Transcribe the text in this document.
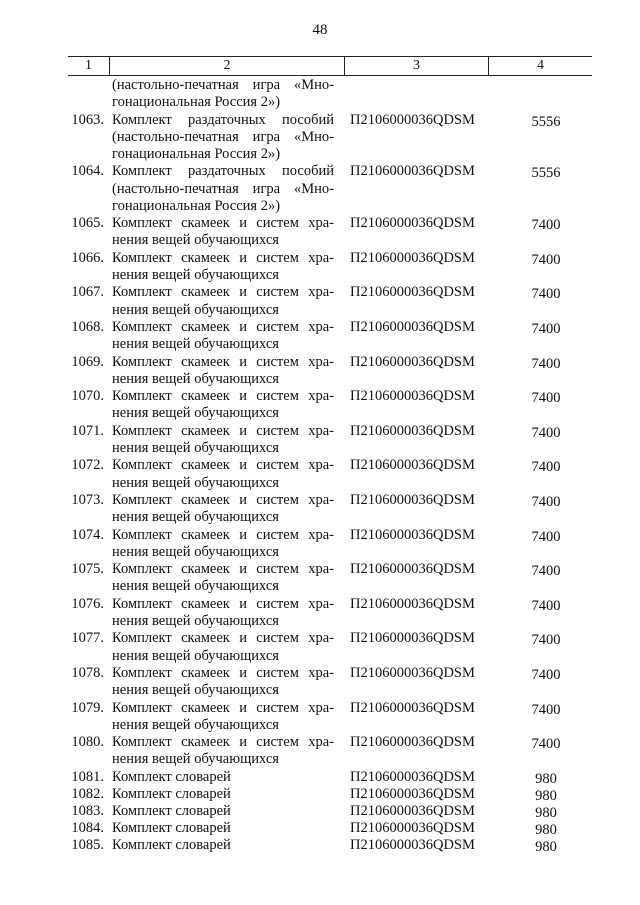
48
1	2	3	4
(настольно-печатная игра «Мно-
гонациональная Россия 2»)
1063. Комплект раздаточных пособий
(настольно-печатная игра «Мно-
гонациональная Россия 2»)
П2106000036QDSM	5556
1064. Комплект раздаточных пособий
(настольно-печатная игра «Мно-
гонациональная Россия 2»)
П2106000036QDSM	5556
1065. Комплект скамеек и систем хра-
нения вещей обучающихся
П2106000036QDSM	7400
1066. Комплект скамеек и систем хра-
нения вещей обучающихся
П2106000036QDSM	7400
1067. Комплект скамеек и систем хра-
нения вещей обучающихся
П2106000036QDSM	7400
1068. Комплект скамеек и систем хра-
нения вещей обучающихся
П2106000036QDSM	7400
1069. Комплект скамеек и систем хра-
нения вещей обучающихся
П2106000036QDSM	7400
1070. Комплект скамеек и систем хра-
нения вещей обучающихся
П2106000036QDSM	7400
1071. Комплект скамеек и систем хра-
нения вещей обучающихся
П2106000036QDSM	7400
1072. Комплект скамеек и систем хра-
нения вещей обучающихся
П2106000036QDSM	7400
1073. Комплект скамеек и систем хра-
нения вещей обучающихся
П2106000036QDSM	7400
1074. Комплект скамеек и систем хра-
нения вещей обучающихся
П2106000036QDSM	7400
1075. Комплект скамеек и систем хра-
нения вещей обучающихся
П2106000036QDSM	7400
1076. Комплект скамеек и систем хра-
нения вещей обучающихся
П2106000036QDSM	7400
1077. Комплект скамеек и систем хра-
нения вещей обучающихся
П2106000036QDSM	7400
1078. Комплект скамеек и систем хра-
нения вещей обучающихся
П2106000036QDSM	7400
1079. Комплект скамеек и систем хра-
нения вещей обучающихся
П2106000036QDSM	7400
1080. Комплект скамеек и систем хра-
нения вещей обучающихся
П2106000036QDSM	7400
1081. Комплект словарей	П2106000036QDSM	980
1082. Комплект словарей	П2106000036QDSM	980
1083. Комплект словарей	П2106000036QDSM	980
1084. Комплект словарей	П2106000036QDSM	980
1085. Комплект словарей	П2106000036QDSM	980
